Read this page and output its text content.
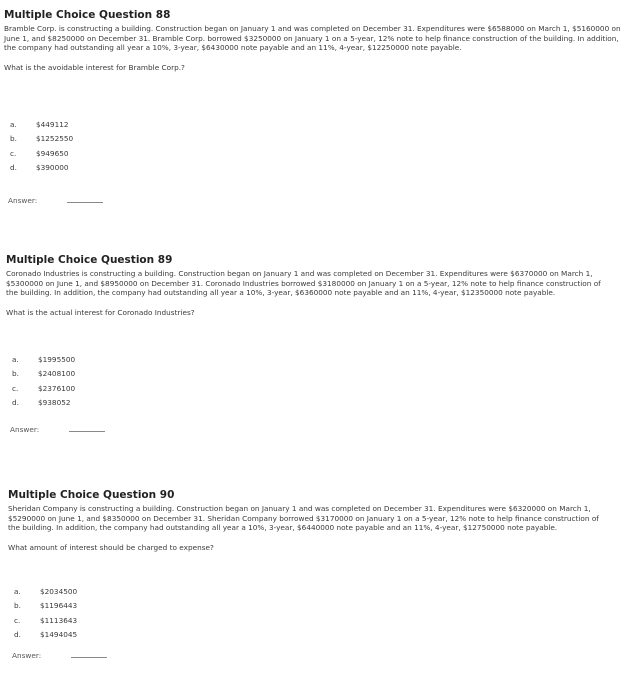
Multiple Choice Question 88

Bramble Corp. is constructing a building. Construction began on January 1 and was completed on December 31. Expenditures were $6588000 on March 1, $5160000 on June 1, and $8250000 on December 31. Bramble Corp. borrowed $3250000 on January 1 on a 5-year, 12% note to help finance construction of the building. In addition, the company had outstanding all year a 10%, 3-year, $6430000 note payable and an 11%, 4-year, $12250000 note payable.

What is the avoidable interest for Bramble Corp.?

a.	$449112
b.	$1252550
c.	$949650
d.	$390000
Answer:

Multiple Choice Question 89

Coronado Industries is constructing a building. Construction began on January 1 and was completed on December 31. Expenditures were $6370000 on March 1, $5300000 on June 1, and $8950000 on December 31. Coronado Industries borrowed $3180000 on January 1 on a 5-year, 12% note to help finance construction of the building. In addition, the company had outstanding all year a 10%, 3-year, $6360000 note payable and an 11%, 4-year, $12350000 note payable.

What is the actual interest for Coronado Industries?

a.	$1995500
b.	$2408100
c.	$2376100
d.	$938052
Answer:

Multiple Choice Question 90

Sheridan Company is constructing a building. Construction began on January 1 and was completed on December 31. Expenditures were $6320000 on March 1, $5290000 on June 1, and $8350000 on December 31. Sheridan Company borrowed $3170000 on January 1 on a 5-year, 12% note to help finance construction of the building. In addition, the company had outstanding all year a 10%, 3-year, $6440000 note payable and an 11%, 4-year, $12750000 note payable.

What amount of interest should be charged to expense?

a.	$2034500
b.	$1196443
c.	$1113643
d.	$1494045
Answer:
